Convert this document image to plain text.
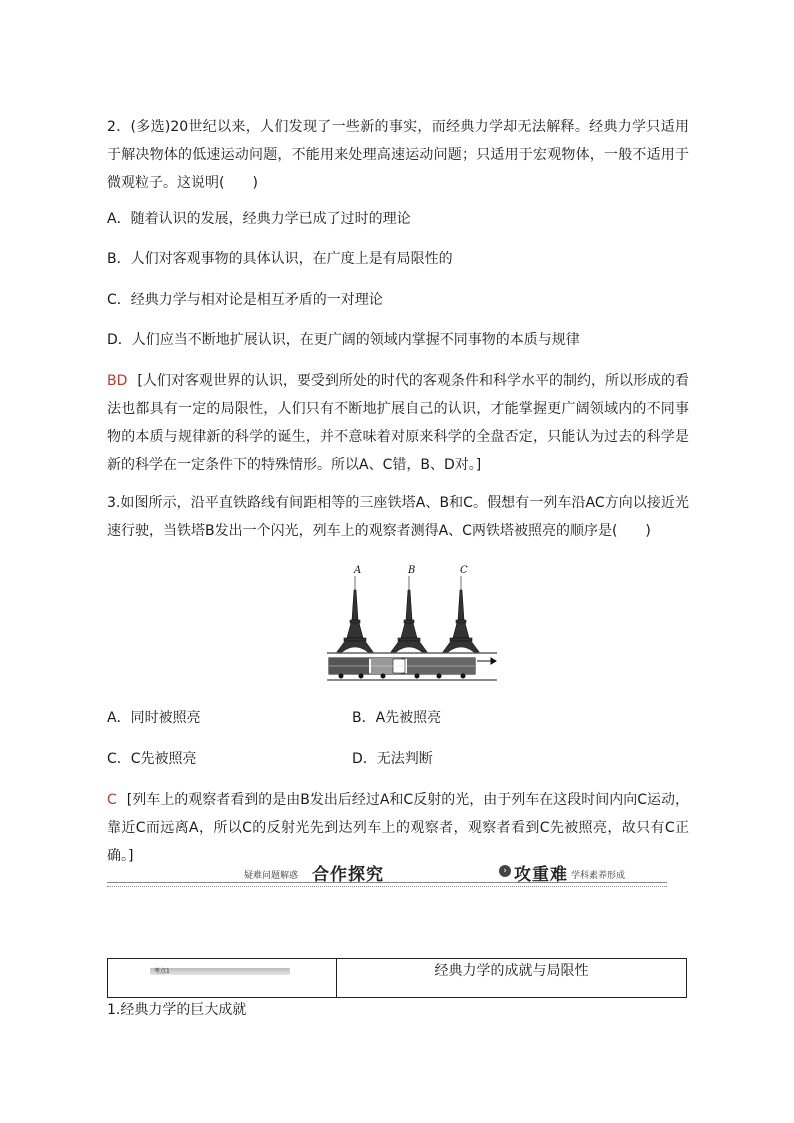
2．(多选)20世纪以来，人们发现了一些新的事实，而经典力学却无法解释。经典力学只适用于解决物体的低速运动问题，不能用来处理高速运动问题；只适用于宏观物体，一般不适用于微观粒子。这说明(　　)

A．随着认识的发展，经典力学已成了过时的理论
B．人们对客观事物的具体认识，在广度上是有局限性的
C．经典力学与相对论是相互矛盾的一对理论
D．人们应当不断地扩展认识，在更广阔的领域内掌握不同事物的本质与规律

BD [人们对客观世界的认识，要受到所处的时代的客观条件和科学水平的制约，所以形成的看法也都具有一定的局限性，人们只有不断地扩展自己的认识，才能掌握更广阔领域内的不同事物的本质与规律新的科学的诞生，并不意味着对原来科学的全盘否定，只能认为过去的科学是新的科学在一定条件下的特殊情形。所以A、C错，B、D对。]

3.如图所示，沿平直铁路线有间距相等的三座铁塔A、B和C。假想有一列车沿AC方向以接近光速行驶，当铁塔B发出一个闪光，列车上的观察者测得A、C两铁塔被照亮的顺序是(　　)

A	B	C
A．同时被照亮	B．A先被照亮
C．C先被照亮	D．无法判断

C [列车上的观察者看到的是由B发出后经过A和C反射的光，由于列车在这段时间内向C运动，靠近C而远离A，所以C的反射光先到达列车上的观察者，观察者看到C先被照亮，故只有C正确。]

疑难问题解惑 合作探究	› 攻重难 学科素养形成
考点1	经典力学的成就与局限性
1.经典力学的巨大成就
